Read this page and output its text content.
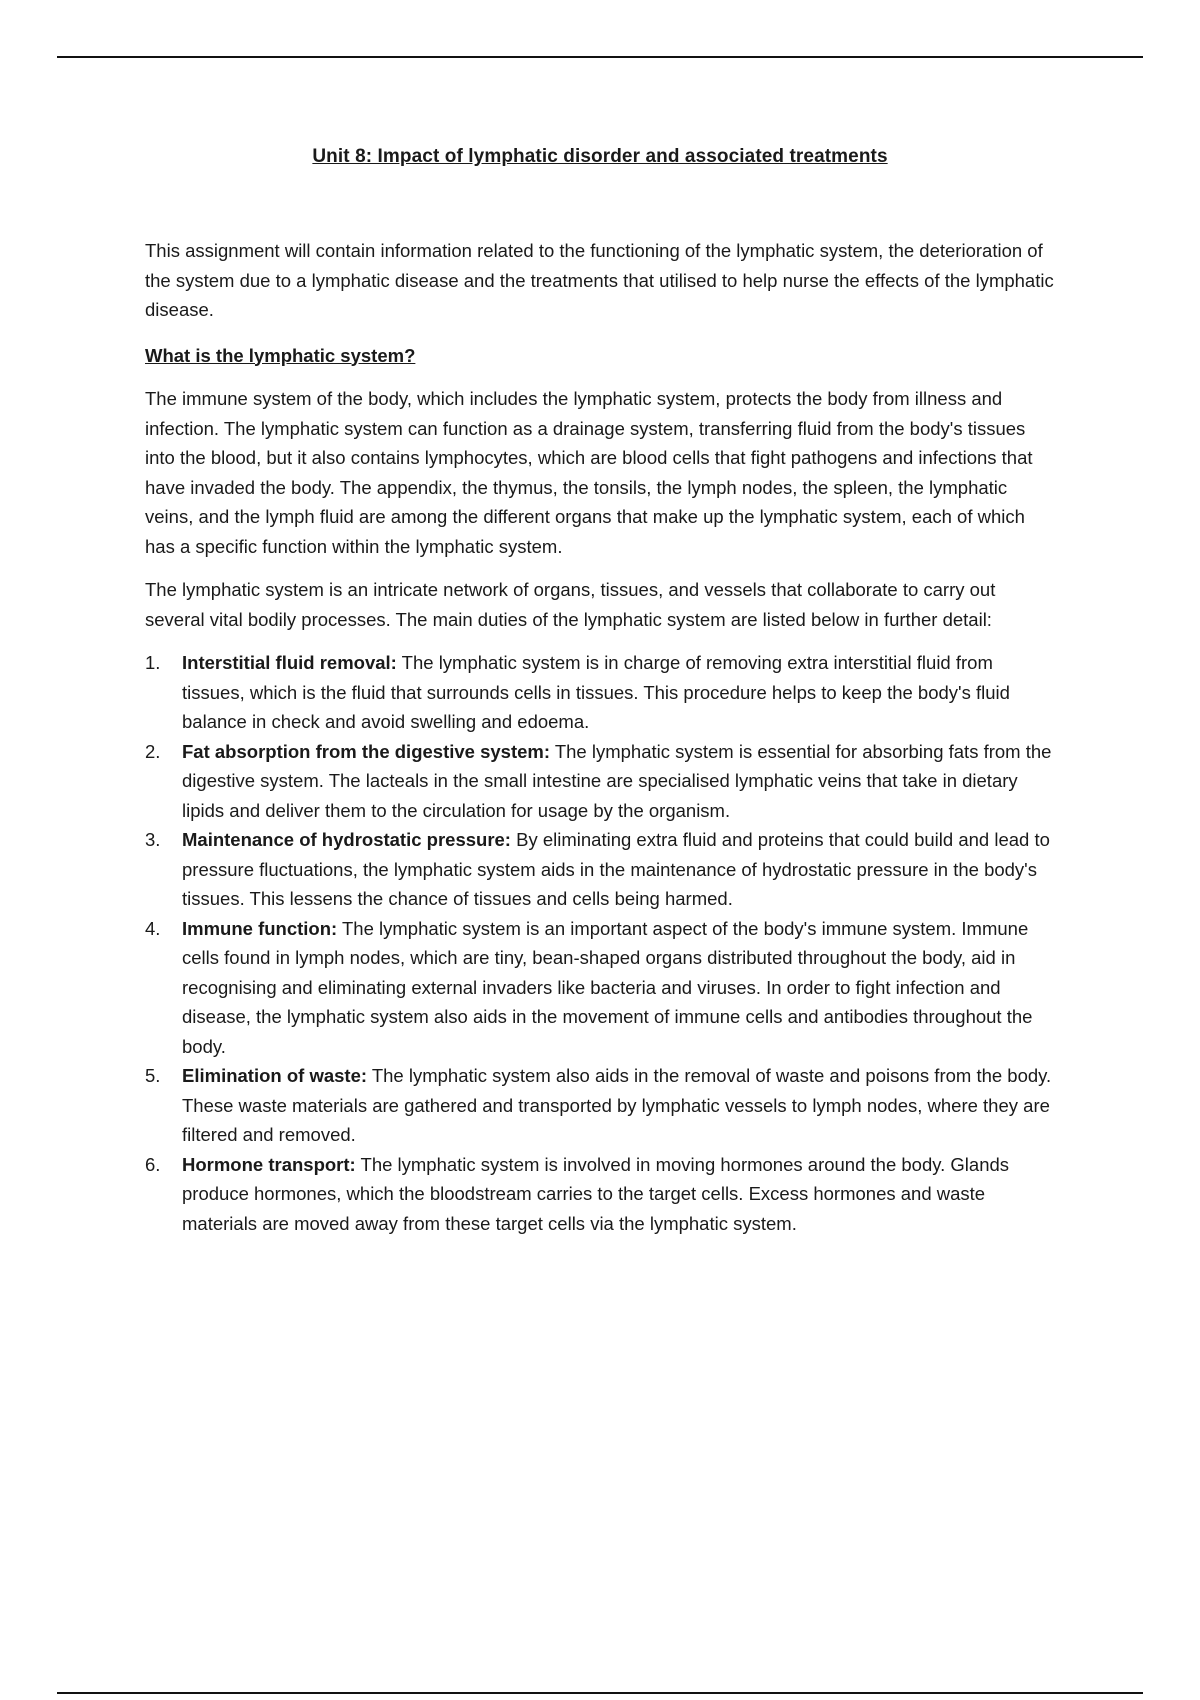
Unit 8: Impact of lymphatic disorder and associated treatments

This assignment will contain information related to the functioning of the lymphatic system, the deterioration of the system due to a lymphatic disease and the treatments that utilised to help nurse the effects of the lymphatic disease.

What is the lymphatic system?

The immune system of the body, which includes the lymphatic system, protects the body from illness and infection. The lymphatic system can function as a drainage system, transferring fluid from the body's tissues into the blood, but it also contains lymphocytes, which are blood cells that fight pathogens and infections that have invaded the body. The appendix, the thymus, the tonsils, the lymph nodes, the spleen, the lymphatic veins, and the lymph fluid are among the different organs that make up the lymphatic system, each of which has a specific function within the lymphatic system.

The lymphatic system is an intricate network of organs, tissues, and vessels that collaborate to carry out several vital bodily processes. The main duties of the lymphatic system are listed below in further detail:

1. Interstitial fluid removal: The lymphatic system is in charge of removing extra interstitial fluid from tissues, which is the fluid that surrounds cells in tissues. This procedure helps to keep the body's fluid balance in check and avoid swelling and edoema.
2. Fat absorption from the digestive system: The lymphatic system is essential for absorbing fats from the digestive system. The lacteals in the small intestine are specialised lymphatic veins that take in dietary lipids and deliver them to the circulation for usage by the organism.
3. Maintenance of hydrostatic pressure: By eliminating extra fluid and proteins that could build and lead to pressure fluctuations, the lymphatic system aids in the maintenance of hydrostatic pressure in the body's tissues. This lessens the chance of tissues and cells being harmed.
4. Immune function: The lymphatic system is an important aspect of the body's immune system. Immune cells found in lymph nodes, which are tiny, bean-shaped organs distributed throughout the body, aid in recognising and eliminating external invaders like bacteria and viruses. In order to fight infection and disease, the lymphatic system also aids in the movement of immune cells and antibodies throughout the body.
5. Elimination of waste: The lymphatic system also aids in the removal of waste and poisons from the body. These waste materials are gathered and transported by lymphatic vessels to lymph nodes, where they are filtered and removed.
6. Hormone transport: The lymphatic system is involved in moving hormones around the body. Glands produce hormones, which the bloodstream carries to the target cells. Excess hormones and waste materials are moved away from these target cells via the lymphatic system.
